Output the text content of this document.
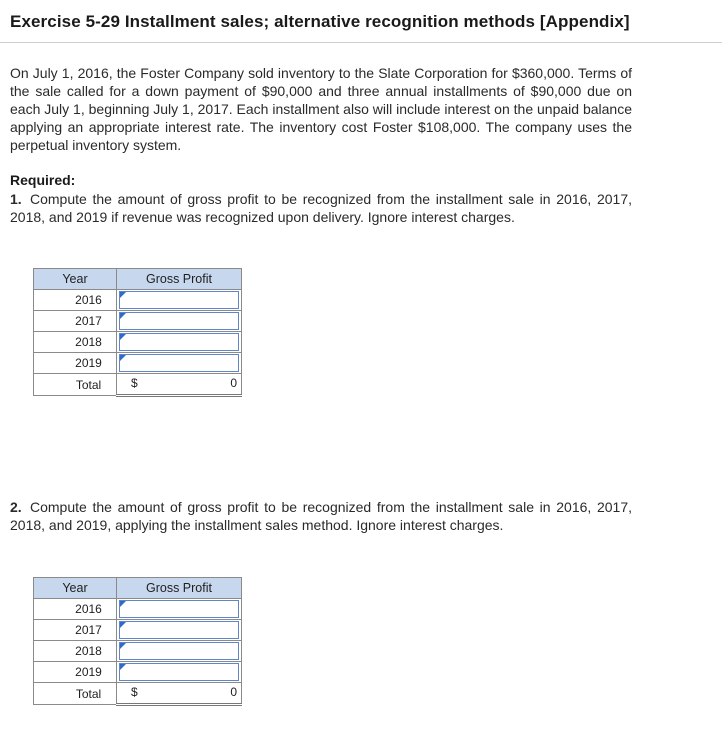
Exercise 5-29 Installment sales; alternative recognition methods [Appendix]
On July 1, 2016, the Foster Company sold inventory to the Slate Corporation for $360,000. Terms of the sale called for a down payment of $90,000 and three annual installments of $90,000 due on each July 1, beginning July 1, 2017. Each installment also will include interest on the unpaid balance applying an appropriate interest rate. The inventory cost Foster $108,000. The company uses the perpetual inventory system.
Required:
1. Compute the amount of gross profit to be recognized from the installment sale in 2016, 2017, 2018, and 2019 if revenue was recognized upon delivery. Ignore interest charges.
Year	Gross Profit
2016	

2017	

2018	

2019	

Total	$ 0
2. Compute the amount of gross profit to be recognized from the installment sale in 2016, 2017, 2018, and 2019, applying the installment sales method. Ignore interest charges.
Year	Gross Profit
2016	

2017	

2018	

2019	

Total	$ 0
